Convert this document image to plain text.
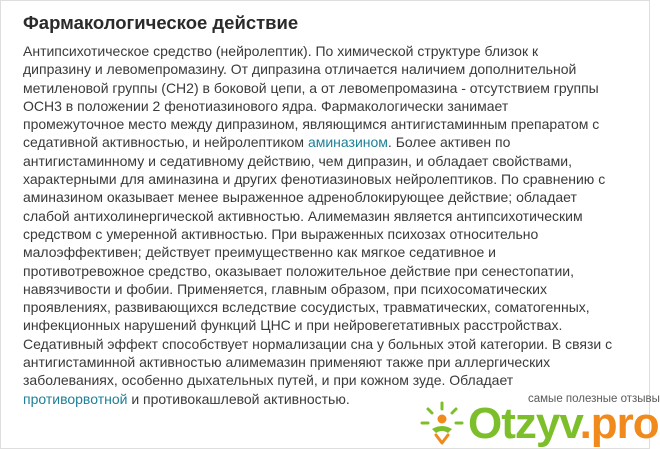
Фармакологическое действие
Антипсихотическое средство (нейролептик). По химической структуре близок к
дипразину и левомепромазину. От дипразина отличается наличием дополнительной
метиленовой группы (СН2) в боковой цепи, а от левомепромазина - отсутствием группы
ОСН3 в положении 2 фенотиазинового ядра. Фармакологически занимает
промежуточное место между дипразином, являющимся антигистаминным препаратом с
седативной активностью, и нейролептиком аминазином. Более активен по
антигистаминному и седативному действию, чем дипразин, и обладает свойствами,
характерными для аминазина и других фенотиазиновых нейролептиков. По сравнению с
аминазином оказывает менее выраженное адреноблокирующее действие; обладает
слабой антихолинергической активностью. Алимемазин является антипсихотическим
средством с умеренной активностью. При выраженных психозах относительно
малоэффективен; действует преимущественно как мягкое седативное и
противотревожное средство, оказывает положительное действие при сенестопатии,
навязчивости и фобии. Применяется, главным образом, при психосоматических
проявлениях, развивающихся вследствие сосудистых, травматических, соматогенных,
инфекционных нарушений функций ЦНС и при нейровегетативных расстройствах.
Седативный эффект способствует нормализации сна у больных этой категории. В связи с
антигистаминной активностью алимемазин применяют также при аллергических
заболеваниях, особенно дыхательных путей, и при кожном зуде. Обладает
противорвотной и противокашлевой активностью.	самые полезные отзывы
Otzyv.pro
